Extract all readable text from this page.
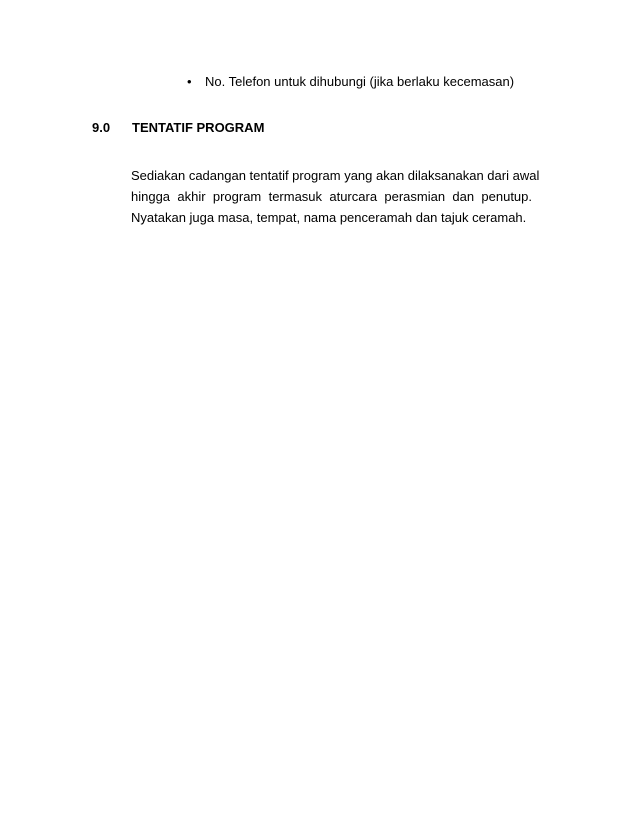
• No. Telefon untuk dihubungi (jika berlaku kecemasan)
9.0 TENTATIF PROGRAM
Sediakan cadangan tentatif program yang akan dilaksanakan dari awal
hingga akhir program termasuk aturcara perasmian dan penutup.
Nyatakan juga masa, tempat, nama penceramah dan tajuk ceramah.
